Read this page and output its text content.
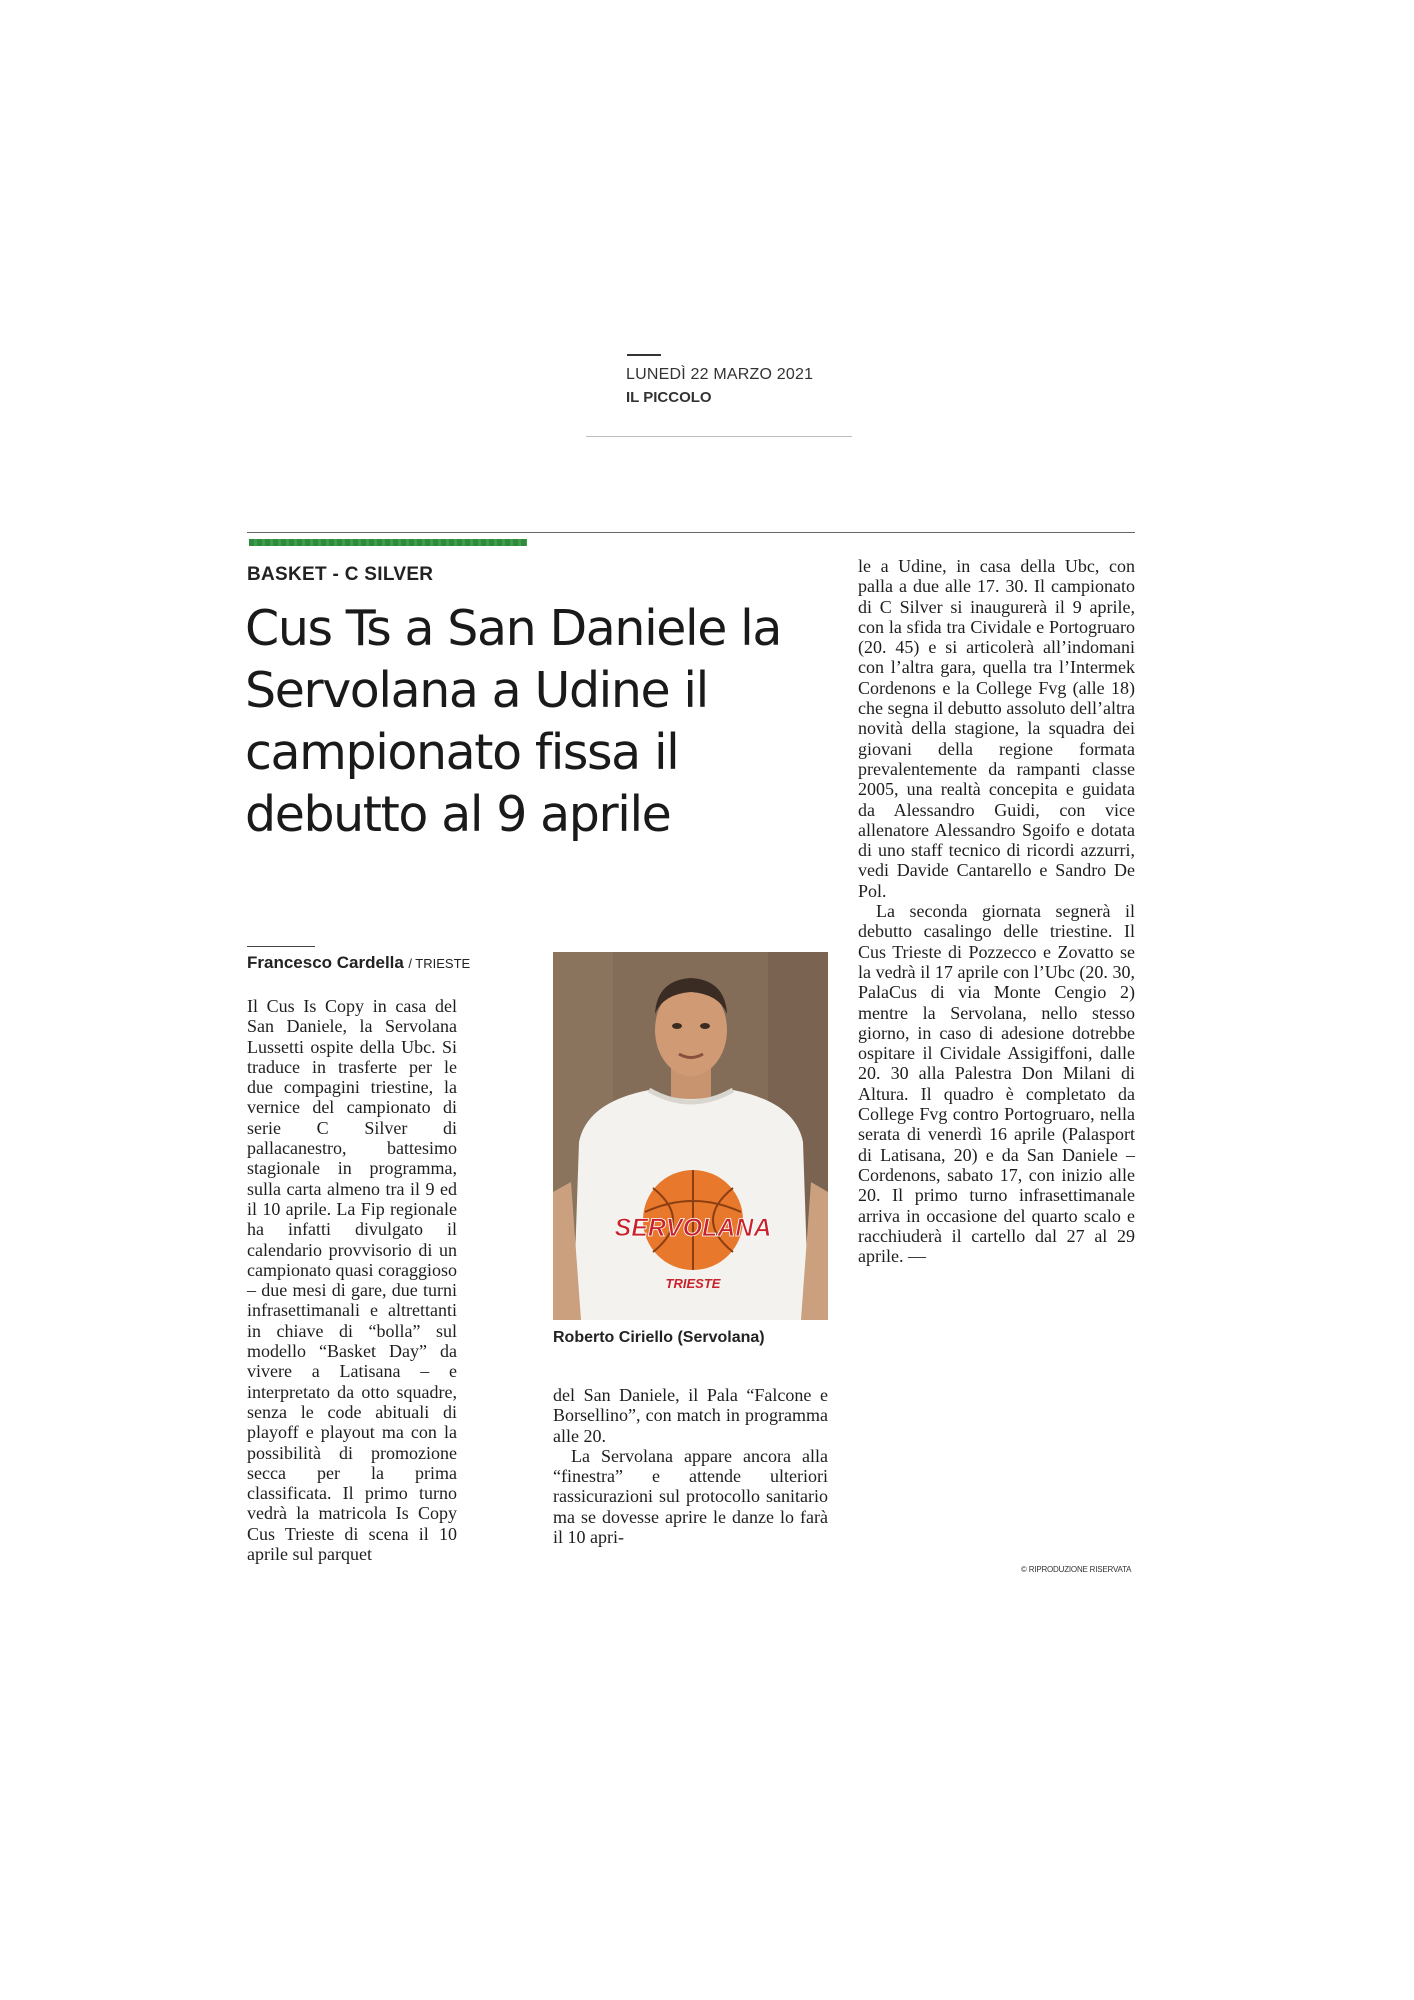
LUNEDÌ 22 MARZO 2021
IL PICCOLO
BASKET - C SILVER
Cus Ts a San Daniele la Servolana a Udine il campionato fissa il debutto al 9 aprile
Francesco Cardella / TRIESTE

Il Cus Is Copy in casa del San Daniele, la Servolana Lussetti ospite della Ubc. Si traduce in trasferte per le due compagini triestine, la vernice del campionato di serie C Silver di pallacanestro, battesimo stagionale in programma, sulla carta almeno tra il 9 ed il 10 aprile. La Fip regionale ha infatti divulgato il calendario provvisorio di un campionato quasi coraggioso – due mesi di gare, due turni infrasettimanali e altrettanti in chiave di “bolla” sul modello “Basket Day” da vivere a Latisana – e interpretato da otto squadre, senza le code abituali di playoff e playout ma con la possibilità di promozione secca per la prima classificata. Il primo turno vedrà la matricola Is Copy Cus Trieste di scena il 10 aprile sul parquet

SERVOLANA
TRIESTE
Roberto Ciriello (Servolana)

del San Daniele, il Pala “Falcone e Borsellino”, con match in programma alle 20.

La Servolana appare ancora alla “finestra” e attende ulteriori rassicurazioni sul protocollo sanitario ma se dovesse aprire le danze lo farà il 10 apri-

le a Udine, in casa della Ubc, con palla a due alle 17. 30. Il campionato di C Silver si inaugurerà il 9 aprile, con la sfida tra Cividale e Portogruaro (20. 45) e si articolerà all’indomani con l’altra gara, quella tra l’Intermek Cordenons e la College Fvg (alle 18) che segna il debutto assoluto dell’altra novità della stagione, la squadra dei giovani della regione formata prevalentemente da rampanti classe 2005, una realtà concepita e guidata da Alessandro Guidi, con vice allenatore Alessandro Sgoifo e dotata di uno staff tecnico di ricordi azzurri, vedi Davide Cantarello e Sandro De Pol.

La seconda giornata segnerà il debutto casalingo delle triestine. Il Cus Trieste di Pozzecco e Zovatto se la vedrà il 17 aprile con l’Ubc (20. 30, PalaCus di via Monte Cengio 2) mentre la Servolana, nello stesso giorno, in caso di adesione dotrebbe ospitare il Cividale Assigiffoni, dalle 20. 30 alla Palestra Don Milani di Altura. Il quadro è completato da College Fvg contro Portogruaro, nella serata di venerdì 16 aprile (Palasport di Latisana, 20) e da San Daniele – Cordenons, sabato 17, con inizio alle 20. Il primo turno infrasettimanale arriva in occasione del quarto scalo e racchiuderà il cartello dal 27 al 29 aprile. —

© RIPRODUZIONE RISERVATA
